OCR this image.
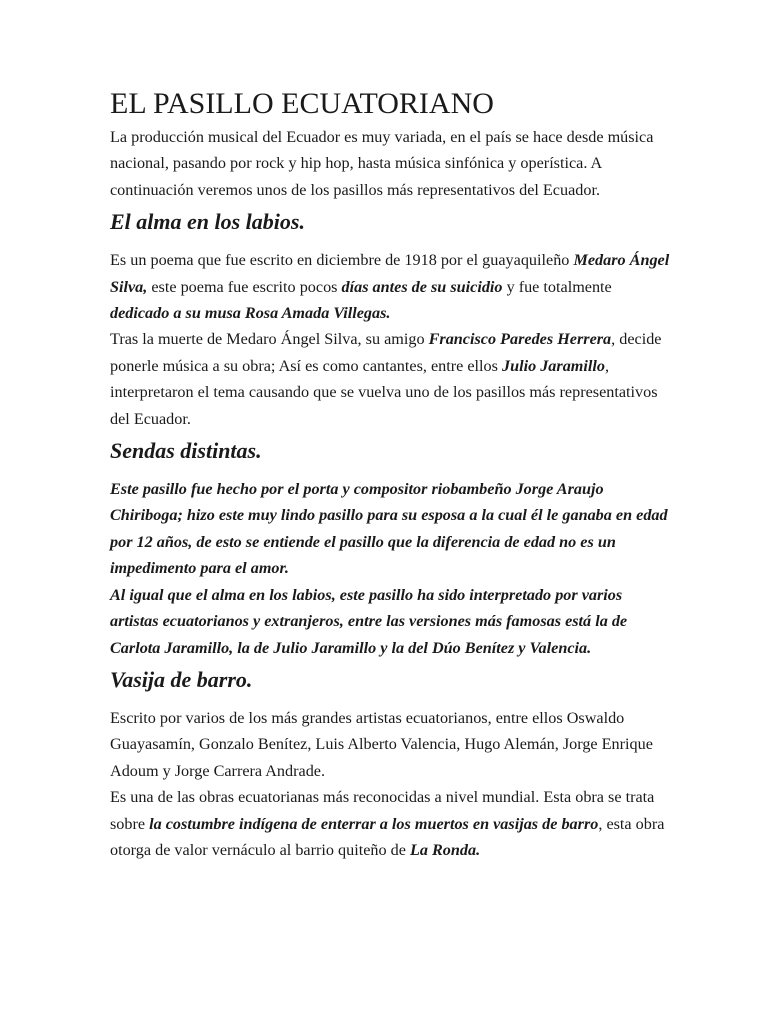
EL PASILLO ECUATORIANO

La producción musical del Ecuador es muy variada, en el país se hace desde música nacional, pasando por rock y hip hop, hasta música sinfónica y operística. A continuación veremos unos de los pasillos más representativos del Ecuador.

El alma en los labios.

Es un poema que fue escrito en diciembre de 1918 por el guayaquileño Medaro Ángel Silva, este poema fue escrito pocos días antes de su suicidio y fue totalmente dedicado a su musa Rosa Amada Villegas.

Tras la muerte de Medaro Ángel Silva, su amigo Francisco Paredes Herrera, decide ponerle música a su obra; Así es como cantantes, entre ellos Julio Jaramillo, interpretaron el tema causando que se vuelva uno de los pasillos más representativos del Ecuador.

Sendas distintas.

Este pasillo fue hecho por el porta y compositor riobambeño Jorge Araujo Chiriboga; hizo este muy lindo pasillo para su esposa a la cual él le ganaba en edad por 12 años, de esto se entiende el pasillo que la diferencia de edad no es un impedimento para el amor.

Al igual que el alma en los labios, este pasillo ha sido interpretado por varios artistas ecuatorianos y extranjeros, entre las versiones más famosas está la de Carlota Jaramillo, la de Julio Jaramillo y la del Dúo Benítez y Valencia.

Vasija de barro.

Escrito por varios de los más grandes artistas ecuatorianos, entre ellos Oswaldo Guayasamín, Gonzalo Benítez, Luis Alberto Valencia, Hugo Alemán, Jorge Enrique Adoum y Jorge Carrera Andrade.

Es una de las obras ecuatorianas más reconocidas a nivel mundial. Esta obra se trata sobre la costumbre indígena de enterrar a los muertos en vasijas de barro, esta obra otorga de valor vernáculo al barrio quiteño de La Ronda.
